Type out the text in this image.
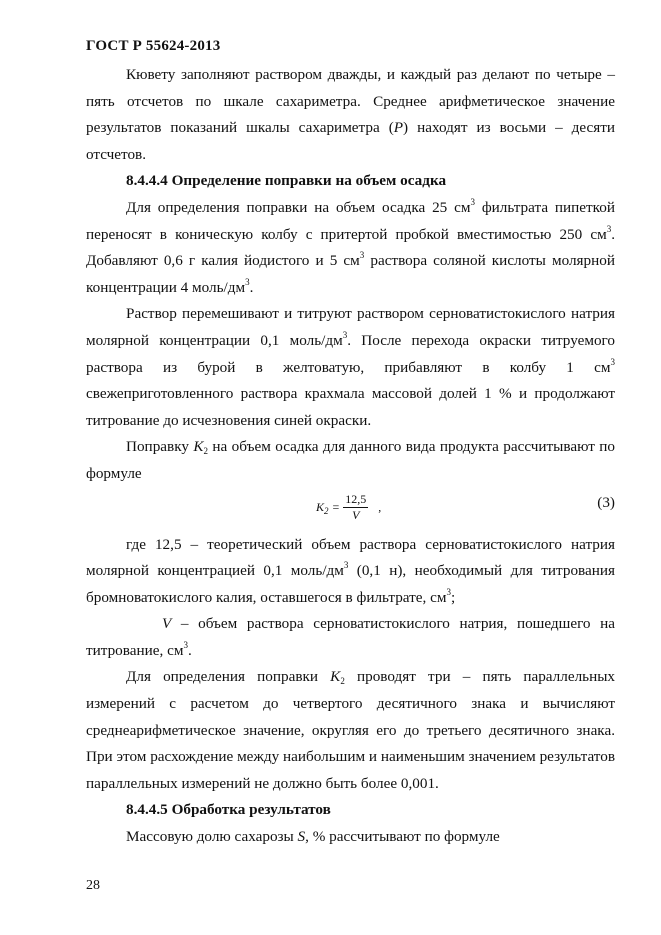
ГОСТ Р 55624-2013

Кювету заполняют раствором дважды, и каждый раз делают по четыре – пять отсчетов по шкале сахариметра. Среднее арифметическое значение результатов показаний шкалы сахариметра (P) находят из восьми – десяти отсчетов.

8.4.4.4 Определение поправки на объем осадка

Для определения поправки на объем осадка 25 $см^3$ фильтрата пипеткой переносят в коническую колбу с притертой пробкой вместимостью 250 $см^3$. Добавляют 0,6 г калия йодистого и 5 $см^3$ раствора соляной кислоты молярной концентрации 4 моль/$дм^3$.

Раствор перемешивают и титруют раствором серноватистокислого натрия молярной концентрации 0,1 моль/$дм^3$. После перехода окраски титруемого раствора из бурой в желтоватую, прибавляют в колбу 1 $см^3$ свежеприготовленного раствора крахмала массовой долей 1 % и продолжают титрование до исчезновения синей окраски.

Поправку $K_2$ на объем осадка для данного вида продукта рассчитывают по формуле

$K_2 = \frac{12,5}{V}$ ,	(3)

где 12,5 – теоретический объем раствора серноватистокислого натрия молярной концентрацией 0,1 моль/$дм^3$ (0,1 н), необходимый для титрования бромноватокислого калия, оставшегося в фильтрате, $см^3$;

V – объем раствора серноватистокислого натрия, пошедшего на титрование, $см^3$.

Для определения поправки $K_2$ проводят три – пять параллельных измерений с расчетом до четвертого десятичного знака и вычисляют среднеарифметическое значение, округляя его до третьего десятичного знака. При этом расхождение между наибольшим и наименьшим значением результатов параллельных измерений не должно быть более 0,001.

8.4.4.5 Обработка результатов

Массовую долю сахарозы S, % рассчитывают по формуле

28
